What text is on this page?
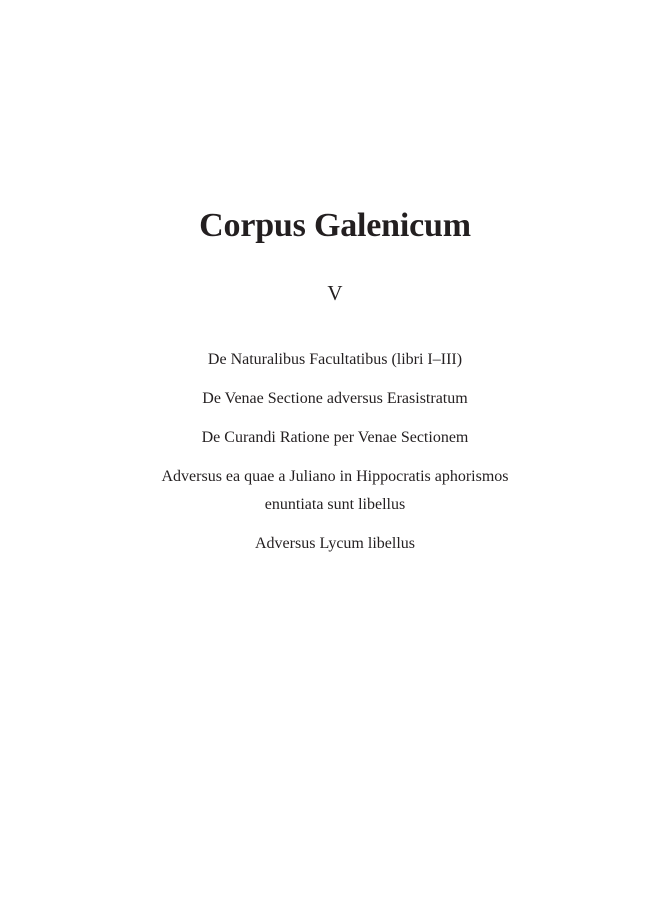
Corpus Galenicum
V
De Naturalibus Facultatibus (libri I–III)
De Venae Sectione adversus Erasistratum
De Curandi Ratione per Venae Sectionem
Adversus ea quae a Juliano in Hippocratis aphorismos
enuntiata sunt libellus
Adversus Lycum libellus
